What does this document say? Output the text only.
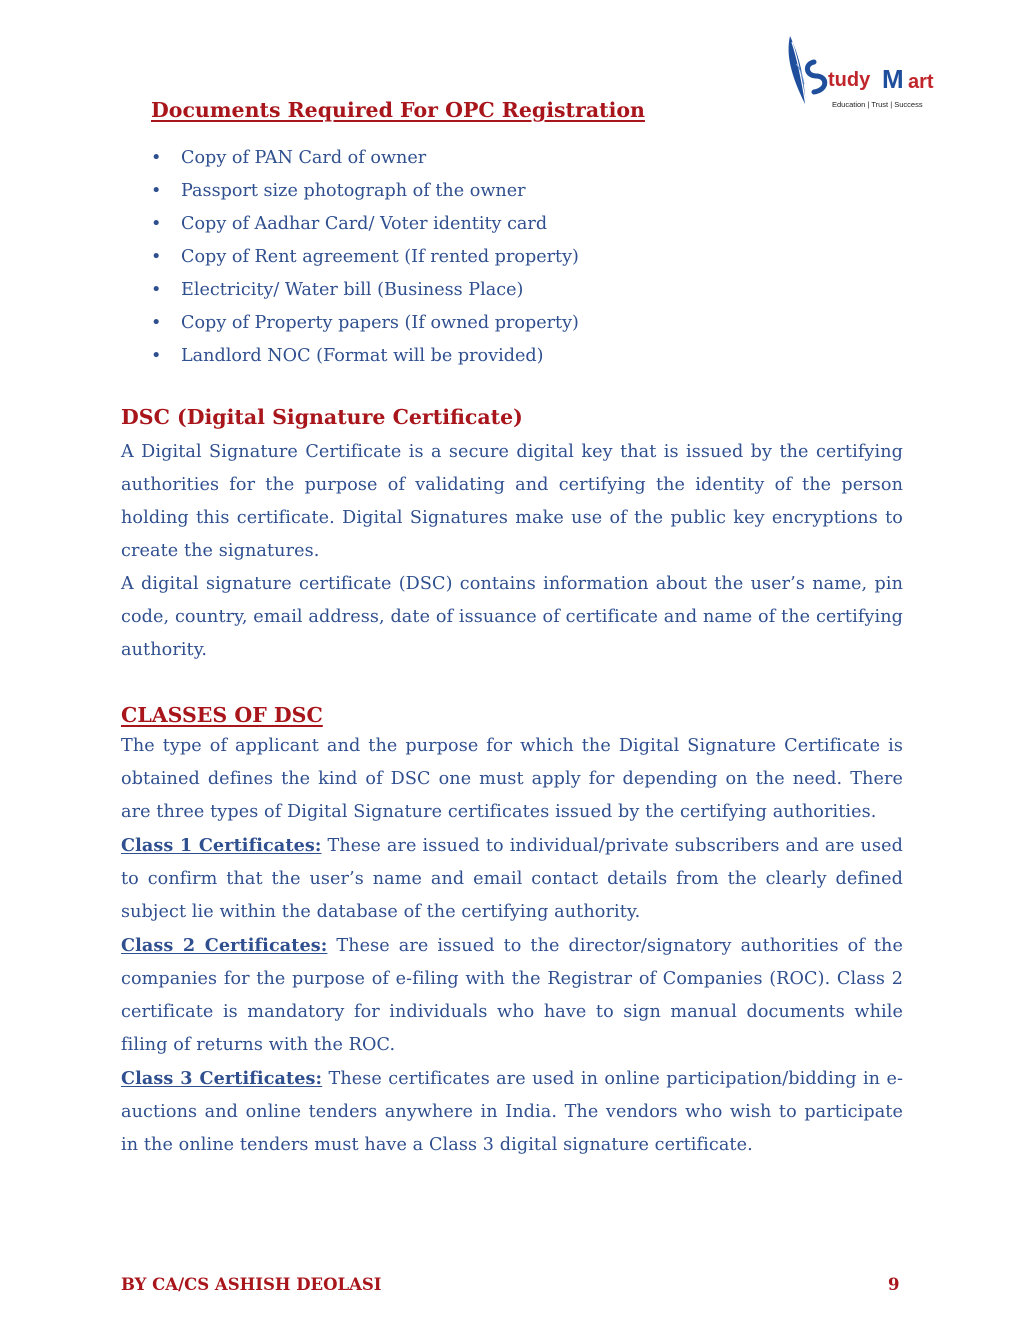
tudy M art
Education | Trust | Success
Documents Required For OPC Registration
• Copy of PAN Card of owner
• Passport size photograph of the owner
• Copy of Aadhar Card/ Voter identity card
• Copy of Rent agreement (If rented property)
• Electricity/ Water bill (Business Place)
• Copy of Property papers (If owned property)
• Landlord NOC (Format will be provided)
DSC (Digital Signature Certificate)

A Digital Signature Certificate is a secure digital key that is issued by the certifying authorities for the purpose of validating and certifying the identity of the person holding this certificate. Digital Signatures make use of the public key encryptions to create the signatures.

A digital signature certificate (DSC) contains information about the user’s name, pin code, country, email address, date of issuance of certificate and name of the certifying authority.

CLASSES OF DSC

The type of applicant and the purpose for which the Digital Signature Certificate is obtained defines the kind of DSC one must apply for depending on the need. There are three types of Digital Signature certificates issued by the certifying authorities.

Class 1 Certificates: These are issued to individual/private subscribers and are used to confirm that the user’s name and email contact details from the clearly defined subject lie within the database of the certifying authority.

Class 2 Certificates: These are issued to the director/signatory authorities of the companies for the purpose of e-filing with the Registrar of Companies (ROC). Class 2 certificate is mandatory for individuals who have to sign manual documents while filing of returns with the ROC.

Class 3 Certificates: These certificates are used in online participation/bidding in e-auctions and online tenders anywhere in India. The vendors who wish to participate in the online tenders must have a Class 3 digital signature certificate.

BY CA/CS ASHISH DEOLASI	9
